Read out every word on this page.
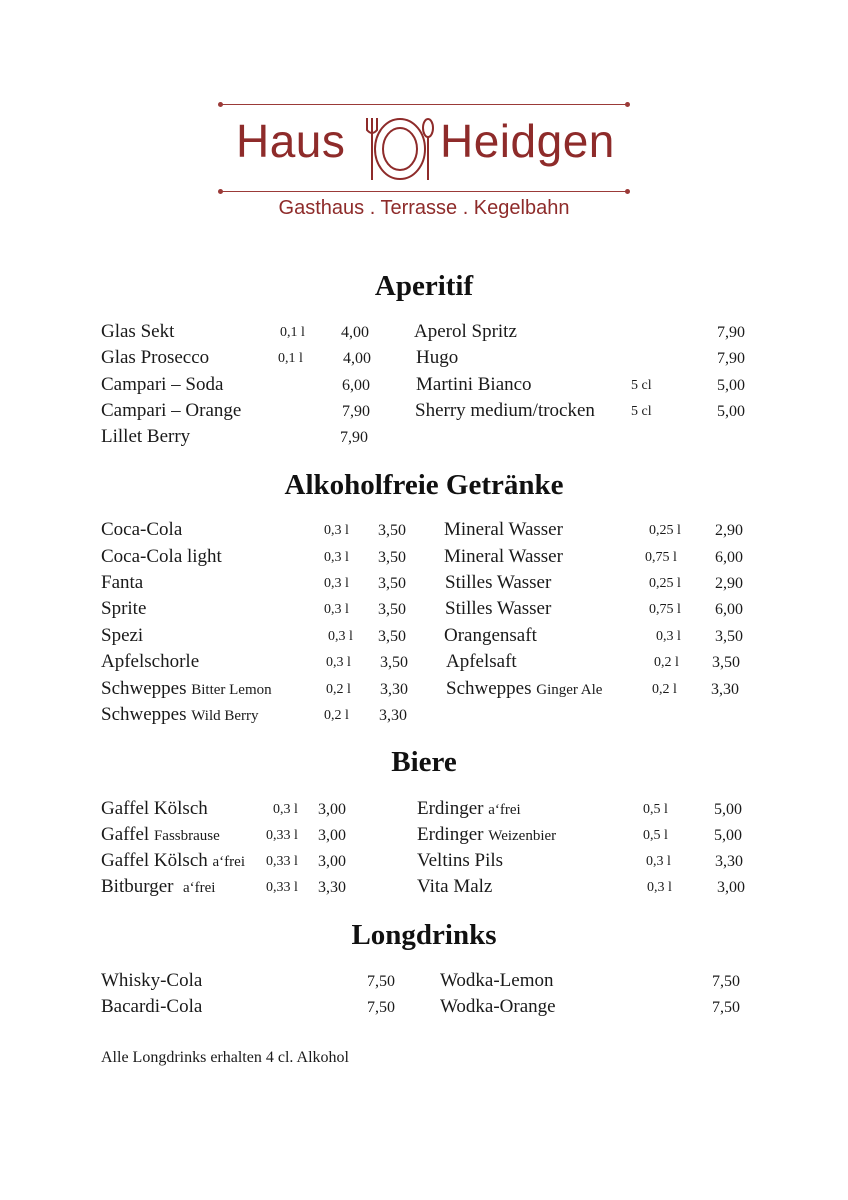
Haus Heidgen
Gasthaus . Terrasse . Kegelbahn
Aperitif
Glas Sekt	0,1 l 4,00
Glas Prosecco	0,1 l	4,00
Campari – Soda	6,00
Campari – Orange	7,90
Lillet Berry	7,90
Aperol Spritz	7,90
Hugo	7,90
Martini Bianco	5 cl	5,00
Sherry medium/trocken	5 cl	5,00
Alkoholfreie Getränke
Coca-Cola	0,3 l 3,50
Coca-Cola light	0,3 l 3,50
Fanta	0,3 l 3,50
Sprite	0,3 l 3,50
Spezi	0,3 l 3,50
Apfelschorle	0,3 l 3,50
Schweppes Bitter Lemon	0,2 l 3,30
Schweppes Wild Berry	0,2 l 3,30
Mineral Wasser	0,25 l 2,90
Mineral Wasser	0,75 l 6,00
Stilles Wasser	0,25 l 2,90
Stilles Wasser	0,75 l 6,00
Orangensaft	0,3 l 3,50
Apfelsaft	0,2 l 3,50
Schweppes Ginger Ale	0,2 l 3,30
Biere
Gaffel Kölsch	0,3 l 3,00
Gaffel Fassbrause	0,33 l 3,00
Gaffel Kölsch a‘frei 0,33 l 3,00
Bitburger a‘frei	0,33 l 3,30
Erdinger a‘frei	0,5 l	5,00
Erdinger Weizenbier	0,5 l	5,00
Veltins Pils	0,3 l	3,30
Vita Malz	0,3 l	3,00
Longdrinks
Whisky-Cola	7,50
Bacardi-Cola	7,50
Wodka-Lemon	7,50
Wodka-Orange	7,50
Alle Longdrinks erhalten 4 cl. Alkohol
